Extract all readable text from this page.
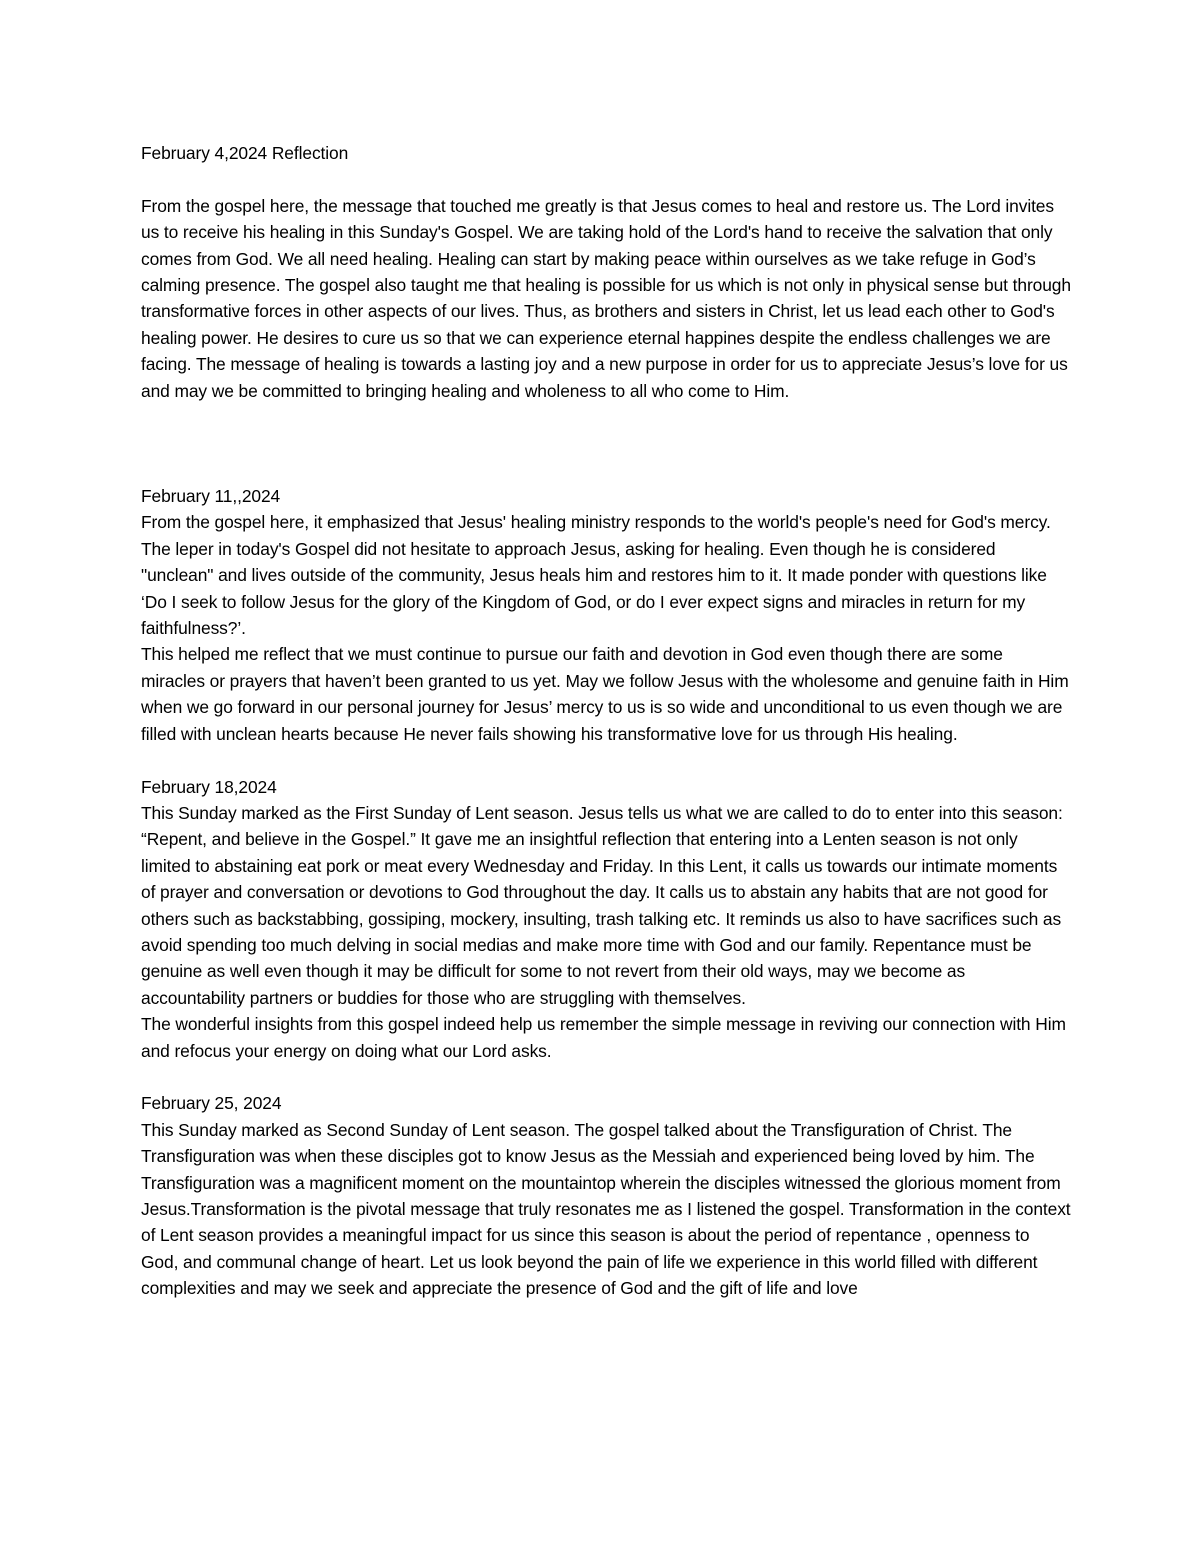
February 4,2024 Reflection

From the gospel here, the message that touched me greatly is that Jesus comes to heal and restore us. The Lord invites us to receive his healing in this Sunday's Gospel. We are taking hold of the Lord's hand to receive the salvation that only comes from God. We all need healing. Healing can start by making peace within ourselves as we take refuge in God’s calming presence. The gospel also taught me that healing is possible for us which is not only in physical sense but through transformative forces in other aspects of our lives. Thus, as brothers and sisters in Christ, let us lead each other to God's healing power. He desires to cure us so that we can experience eternal happines despite the endless challenges we are facing. The message of healing is towards a lasting joy and a new purpose in order for us to appreciate Jesus’s love for us and may we be committed to bringing healing and wholeness to all who come to Him.

February 11,,2024

From the gospel here, it emphasized that Jesus' healing ministry responds to the world's people's need for God's mercy. The leper in today's Gospel did not hesitate to approach Jesus, asking for healing. Even though he is considered "unclean" and lives outside of the community, Jesus heals him and restores him to it. It made ponder with questions like ‘Do I seek to follow Jesus for the glory of the Kingdom of God, or do I ever expect signs and miracles in return for my faithfulness?’.

This helped me reflect that we must continue to pursue our faith and devotion in God even though there are some miracles or prayers that haven’t been granted to us yet. May we follow Jesus with the wholesome and genuine faith in Him when we go forward in our personal journey for Jesus’ mercy to us is so wide and unconditional to us even though we are filled with unclean hearts because He never fails showing his transformative love for us through His healing.

February 18,2024

This Sunday marked as the First Sunday of Lent season. Jesus tells us what we are called to do to enter into this season: “Repent, and believe in the Gospel.” It gave me an insightful reflection that entering into a Lenten season is not only limited to abstaining eat pork or meat every Wednesday and Friday. In this Lent, it calls us towards our intimate moments of prayer and conversation or devotions to God throughout the day. It calls us to abstain any habits that are not good for others such as backstabbing, gossiping, mockery, insulting, trash talking etc. It reminds us also to have sacrifices such as avoid spending too much delving in social medias and make more time with God and our family. Repentance must be genuine as well even though it may be difficult for some to not revert from their old ways, may we become as accountability partners or buddies for those who are struggling with themselves.

The wonderful insights from this gospel indeed help us remember the simple message in reviving our connection with Him and refocus your energy on doing what our Lord asks.

February 25, 2024

This Sunday marked as Second Sunday of Lent season. The gospel talked about the Transfiguration of Christ. The Transfiguration was when these disciples got to know Jesus as the Messiah and experienced being loved by him. The Transfiguration was a magnificent moment on the mountaintop wherein the disciples witnessed the glorious moment from Jesus.Transformation is the pivotal message that truly resonates me as I listened the gospel. Transformation in the context of Lent season provides a meaningful impact for us since this season is about the period of repentance , openness to God, and communal change of heart. Let us look beyond the pain of life we experience in this world filled with different complexities and may we seek and appreciate the presence of God and the gift of life and love
